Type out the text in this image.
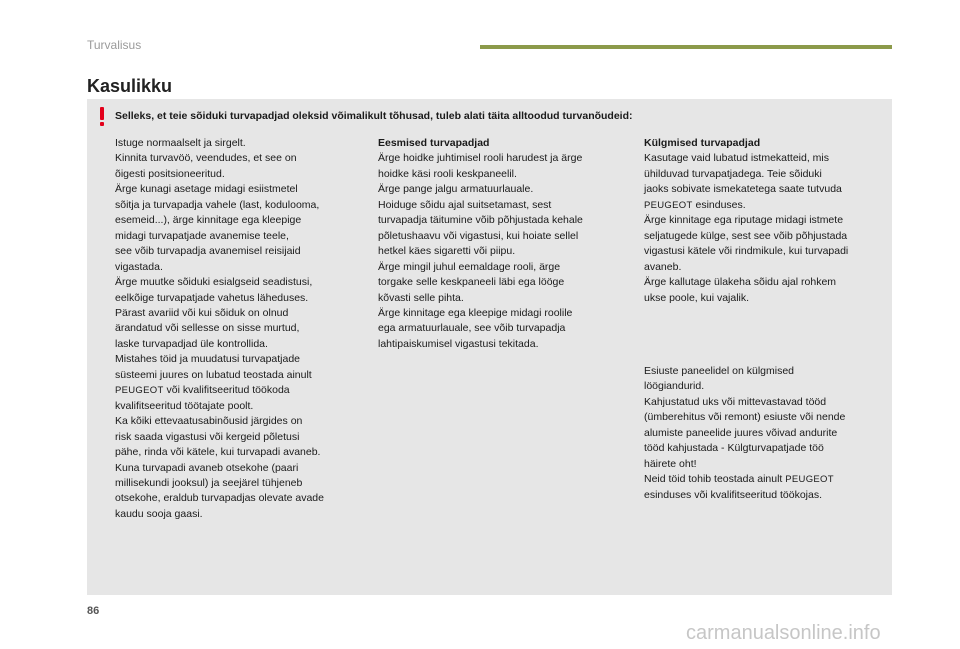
Turvalisus
Kasulikku
Selleks, et teie sõiduki turvapadjad oleksid võimalikult tõhusad, tuleb alati täita alltoodud turvanõudeid:

Istuge normaalselt ja sirgelt.

Kinnita turvavöö, veendudes, et see on

õigesti positsioneeritud.

Ärge kunagi asetage midagi esiistmetel

sõitja ja turvapadja vahele (last, kodulooma,

esemeid...), ärge kinnitage ega kleepige

midagi turvapatjade avanemise teele,

see võib turvapadja avanemisel reisijaid

vigastada.

Ärge muutke sõiduki esialgseid seadistusi,

eelkõige turvapatjade vahetus läheduses.

Pärast avariid või kui sõiduk on olnud

ärandatud või sellesse on sisse murtud,

laske turvapadjad üle kontrollida.

Mistahes töid ja muudatusi turvapatjade

süsteemi juures on lubatud teostada ainult

PEUGEOT või kvalifitseeritud töökoda

kvalifitseeritud töötajate poolt.

Ka kõiki ettevaatusabinõusid järgides on

risk saada vigastusi või kergeid põletusi

pähe, rinda või kätele, kui turvapadi avaneb.

Kuna turvapadi avaneb otsekohe (paari

millisekundi jooksul) ja seejärel tühjeneb

otsekohe, eraldub turvapadjas olevate avade

kaudu sooja gaasi.

Eesmised turvapadjad

Ärge hoidke juhtimisel rooli harudest ja ärge

hoidke käsi rooli keskpaneelil.

Ärge pange jalgu armatuurlauale.

Hoiduge sõidu ajal suitsetamast, sest

turvapadja täitumine võib põhjustada kehale

põletushaavu või vigastusi, kui hoiate sellel

hetkel käes sigaretti või piipu.

Ärge mingil juhul eemaldage rooli, ärge

torgake selle keskpaneeli läbi ega lööge

kõvasti selle pihta.

Ärge kinnitage ega kleepige midagi roolile

ega armatuurlauale, see võib turvapadja

lahtipaiskumisel vigastusi tekitada.

Külgmised turvapadjad

Kasutage vaid lubatud istmekatteid, mis

ühilduvad turvapatjadega. Teie sõiduki

jaoks sobivate ismekatetega saate tutvuda

PEUGEOT esinduses.

Ärge kinnitage ega riputage midagi istmete

seljatugede külge, sest see võib põhjustada

vigastusi kätele või rindmikule, kui turvapadi

avaneb.

Ärge kallutage ülakeha sõidu ajal rohkem

ukse poole, kui vajalik.

Esiuste paneelidel on külgmised

löögiandurid.

Kahjustatud uks või mittevastavad tööd

(ümberehitus või remont) esiuste või nende

alumiste paneelide juures võivad andurite

tööd kahjustada - Külgturvapatjade töö

häirete oht!

Neid töid tohib teostada ainult PEUGEOT

esinduses või kvalifitseeritud töökojas.

86
carmanualsonline.info
